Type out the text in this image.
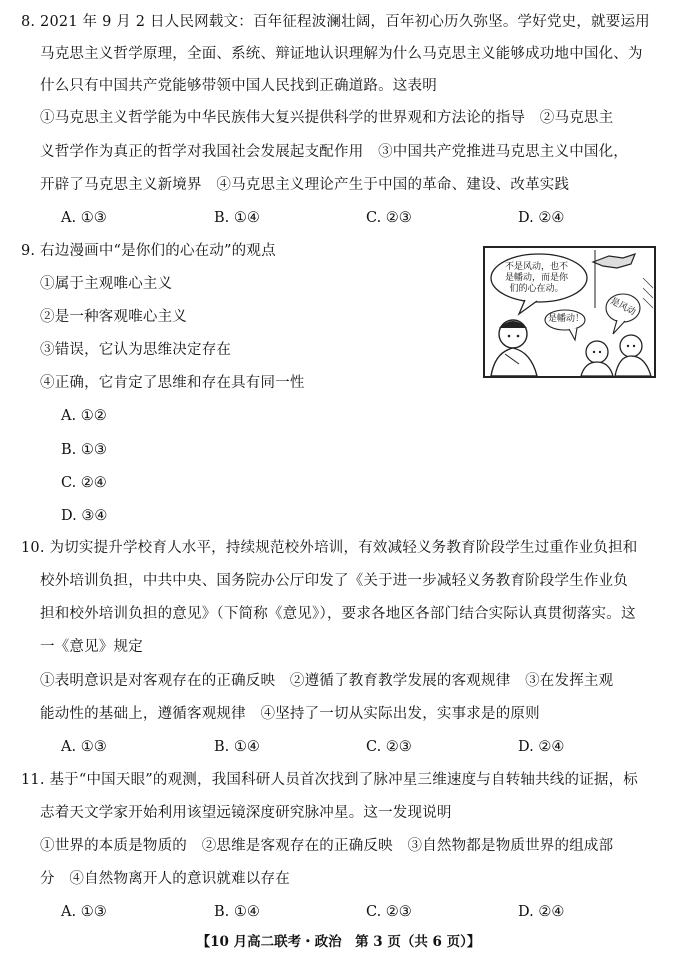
8. 2021 年 9 月 2 日人民网载文：百年征程波澜壮阔，百年初心历久弥坚。学好党史，就要运用
马克思主义哲学原理，全面、系统、辩证地认识理解为什么马克思主义能够成功地中国化、为
什么只有中国共产党能够带领中国人民找到正确道路。这表明
①马克思主义哲学能为中华民族伟大复兴提供科学的世界观和方法论的指导　②马克思主
义哲学作为真正的哲学对我国社会发展起支配作用　③中国共产党推进马克思主义中国化，
开辟了马克思主义新境界　④马克思主义理论产生于中国的革命、建设、改革实践
A. ①③	B. ①④	C. ②③	D. ②④
9. 右边漫画中“是你们的心在动”的观点
①属于主观唯心主义
②是一种客观唯心主义
③错误，它认为思维决定存在
④正确，它肯定了思维和存在具有同一性
A. ①②
B. ①③
C. ②④
D. ③④
不是风动，也不
是幡动，而是你
们的心在动。
是幡动！
是风动
10. 为切实提升学校育人水平，持续规范校外培训，有效减轻义务教育阶段学生过重作业负担和
校外培训负担，中共中央、国务院办公厅印发了《关于进一步减轻义务教育阶段学生作业负
担和校外培训负担的意见》（下简称《意见》），要求各地区各部门结合实际认真贯彻落实。这
一《意见》规定
①表明意识是对客观存在的正确反映　②遵循了教育教学发展的客观规律　③在发挥主观
能动性的基础上，遵循客观规律　④坚持了一切从实际出发，实事求是的原则
A. ①③	B. ①④	C. ②③	D. ②④
11. 基于“中国天眼”的观测，我国科研人员首次找到了脉冲星三维速度与自转轴共线的证据，标
志着天文学家开始利用该望远镜深度研究脉冲星。这一发现说明
①世界的本质是物质的　②思维是客观存在的正确反映　③自然物都是物质世界的组成部
分　④自然物离开人的意识就难以存在
A. ①③	B. ①④	C. ②③	D. ②④
【10 月高二联考・政治　第 3 页（共 6 页）】
